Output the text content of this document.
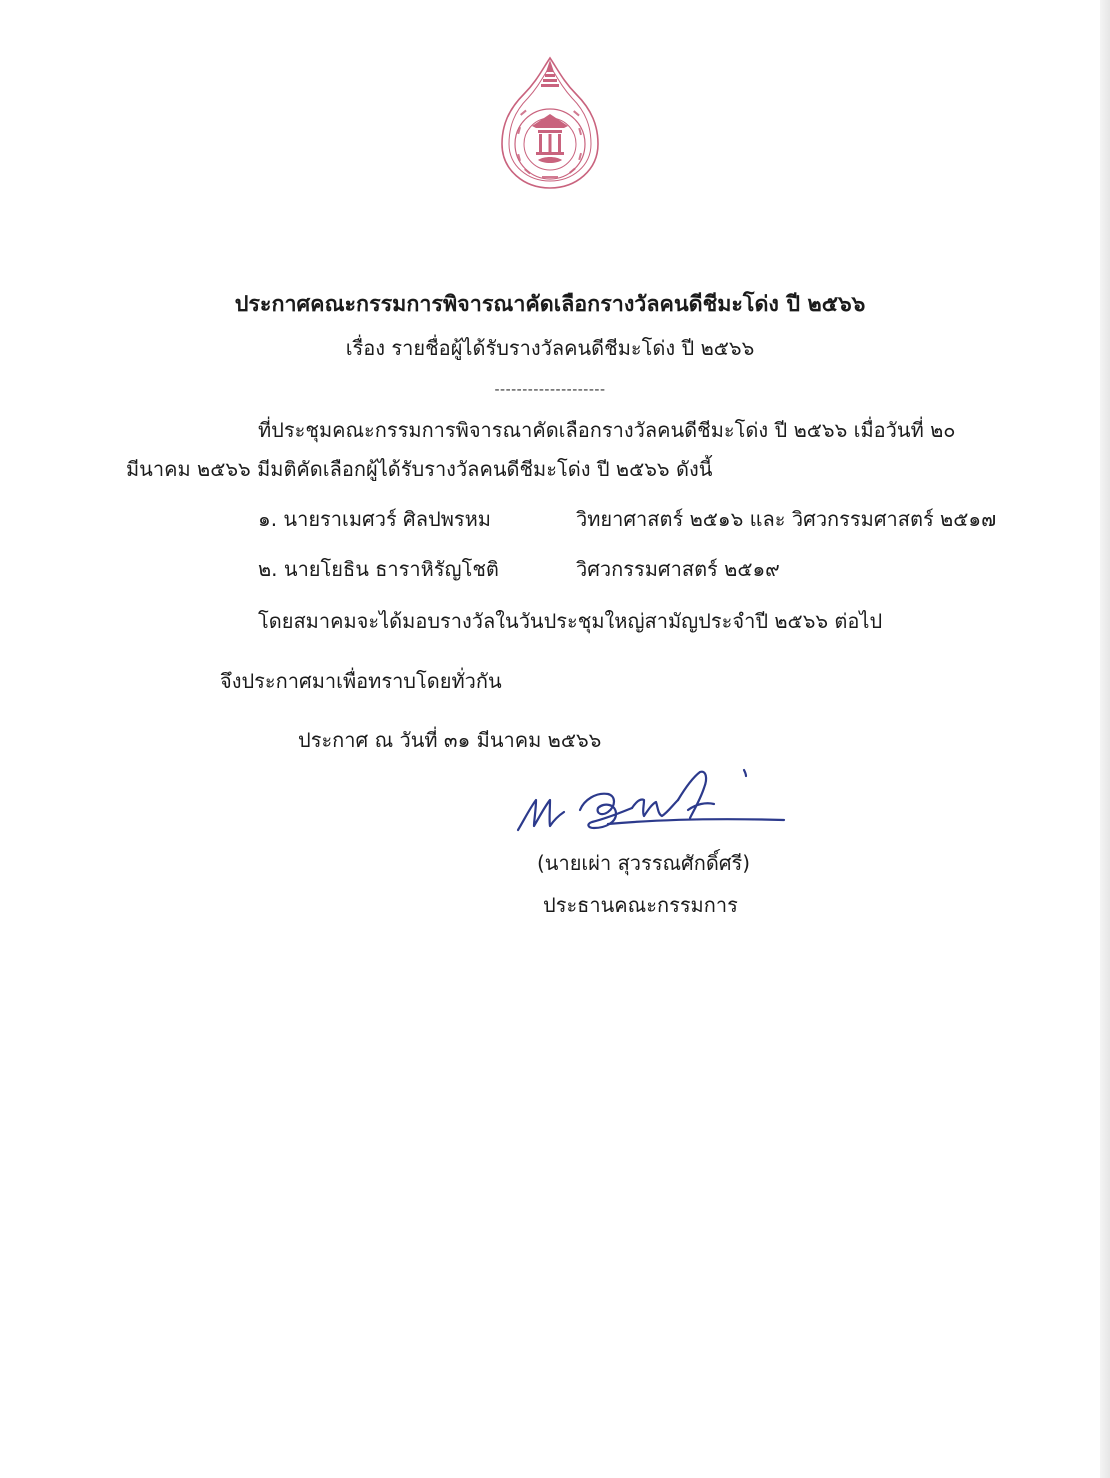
ประกาศคณะกรรมการพิจารณาคัดเลือกรางวัลคนดีชีมะโด่ง ปี ๒๕๖๖
เรื่อง รายชื่อผู้ได้รับรางวัลคนดีชีมะโด่ง ปี ๒๕๖๖
--------------------
ที่ประชุมคณะกรรมการพิจารณาคัดเลือกรางวัลคนดีชีมะโด่ง ปี ๒๕๖๖ เมื่อวันที่ ๒๐
มีนาคม ๒๕๖๖ มีมติคัดเลือกผู้ได้รับรางวัลคนดีชีมะโด่ง ปี ๒๕๖๖ ดังนี้
๑. นายราเมศวร์ ศิลปพรหม	วิทยาศาสตร์ ๒๕๑๖ และ วิศวกรรมศาสตร์ ๒๕๑๗
๒. นายโยธิน ธาราหิรัญโชติ	วิศวกรรมศาสตร์ ๒๕๑๙
โดยสมาคมจะได้มอบรางวัลในวันประชุมใหญ่สามัญประจำปี ๒๕๖๖ ต่อไป
จึงประกาศมาเพื่อทราบโดยทั่วกัน
ประกาศ ณ วันที่ ๓๑ มีนาคม ๒๕๖๖
(นายเผ่า สุวรรณศักดิ์ศรี)
ประธานคณะกรรมการ
